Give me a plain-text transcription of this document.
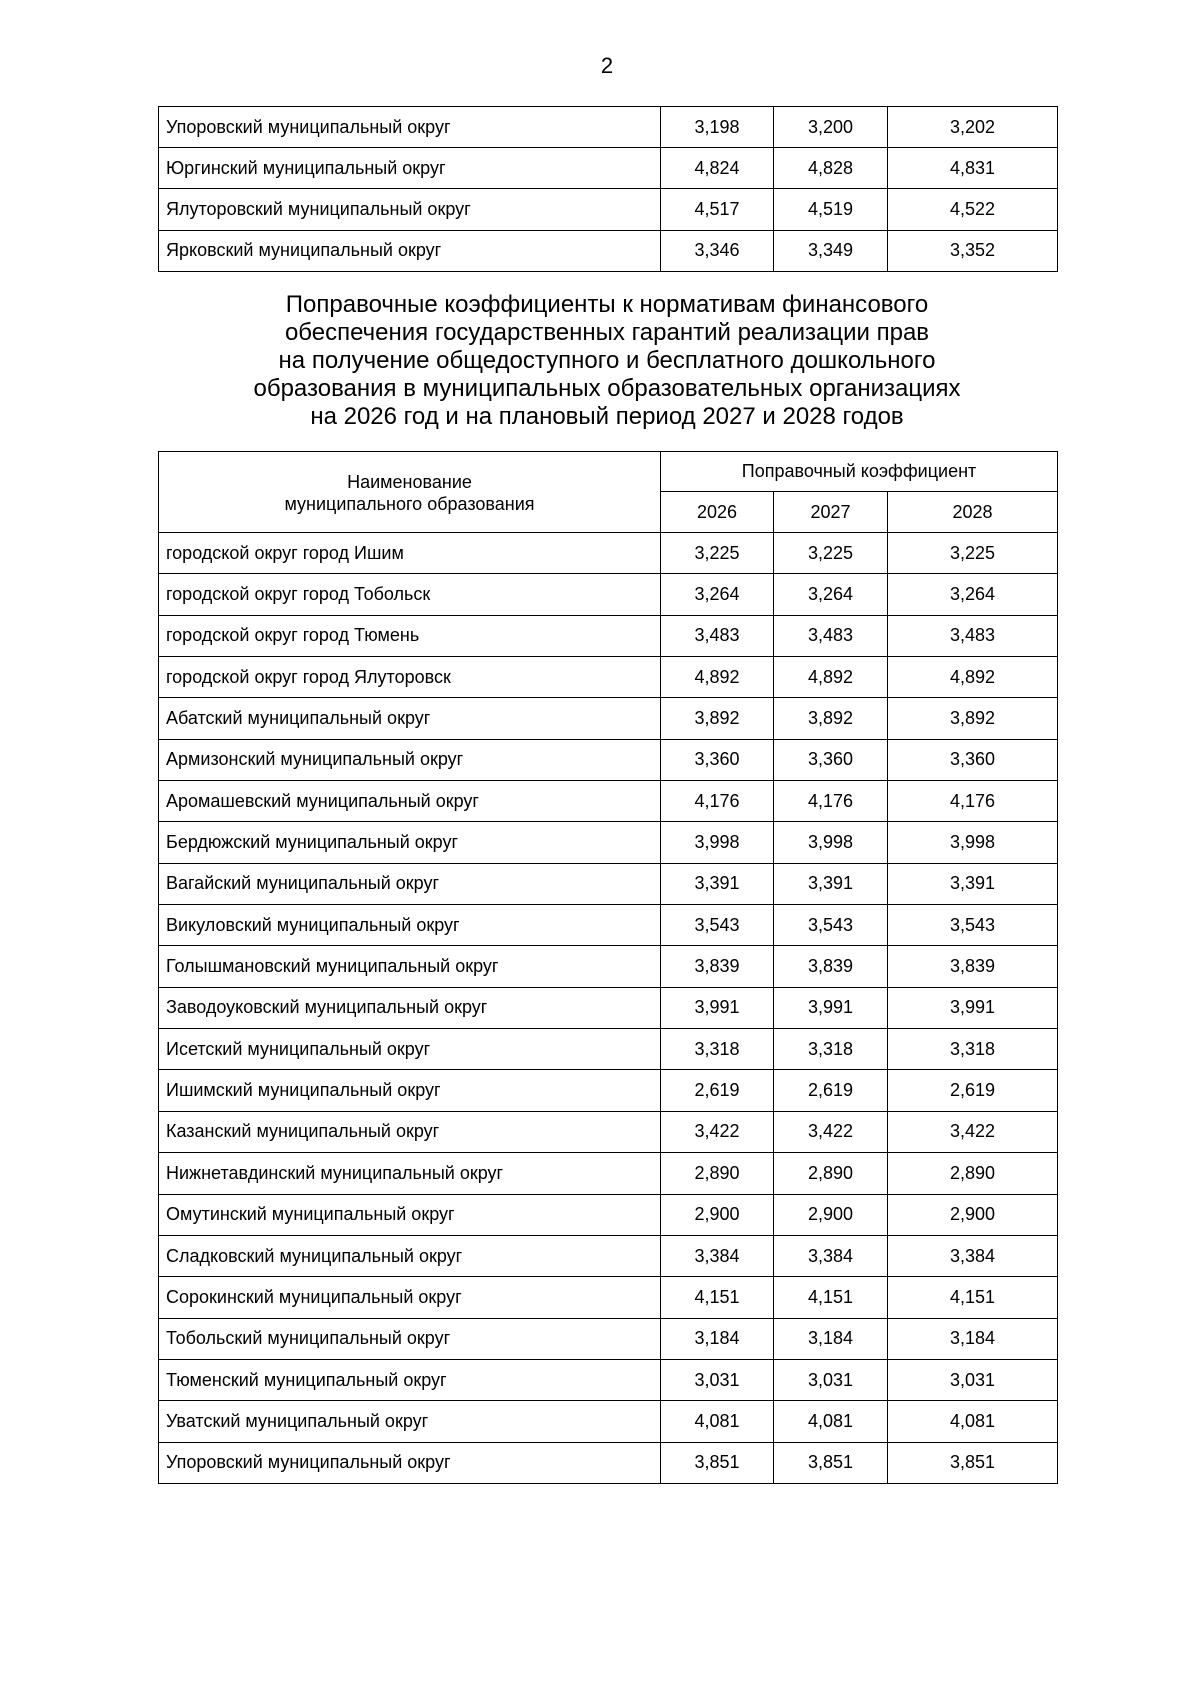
2
Упоровский муниципальный округ	3,198	3,200	3,202
Юргинский муниципальный округ	4,824	4,828	4,831
Ялуторовский муниципальный округ	4,517	4,519	4,522
Ярковский муниципальный округ	3,346	3,349	3,352
Поправочные коэффициенты к нормативам финансового
обеспечения государственных гарантий реализации прав
на получение общедоступного и бесплатного дошкольного
образования в муниципальных образовательных организациях
на 2026 год и на плановый период 2027 и 2028 годов
Наименование
муниципального образования	Поправочный коэффициент		
	2026	2027	2028
городской округ город Ишим	3,225	3,225	3,225
городской округ город Тобольск	3,264	3,264	3,264
городской округ город Тюмень	3,483	3,483	3,483
городской округ город Ялуторовск	4,892	4,892	4,892
Абатский муниципальный округ	3,892	3,892	3,892
Армизонский муниципальный округ	3,360	3,360	3,360
Аромашевский муниципальный округ	4,176	4,176	4,176
Бердюжский муниципальный округ	3,998	3,998	3,998
Вагайский муниципальный округ	3,391	3,391	3,391
Викуловский муниципальный округ	3,543	3,543	3,543
Голышмановский муниципальный округ	3,839	3,839	3,839
Заводоуковский муниципальный округ	3,991	3,991	3,991
Исетский муниципальный округ	3,318	3,318	3,318
Ишимский муниципальный округ	2,619	2,619	2,619
Казанский муниципальный округ	3,422	3,422	3,422
Нижнетавдинский муниципальный округ	2,890	2,890	2,890
Омутинский муниципальный округ	2,900	2,900	2,900
Сладковский муниципальный округ	3,384	3,384	3,384
Сорокинский муниципальный округ	4,151	4,151	4,151
Тобольский муниципальный округ	3,184	3,184	3,184
Тюменский муниципальный округ	3,031	3,031	3,031
Уватский муниципальный округ	4,081	4,081	4,081
Упоровский муниципальный округ	3,851	3,851	3,851
